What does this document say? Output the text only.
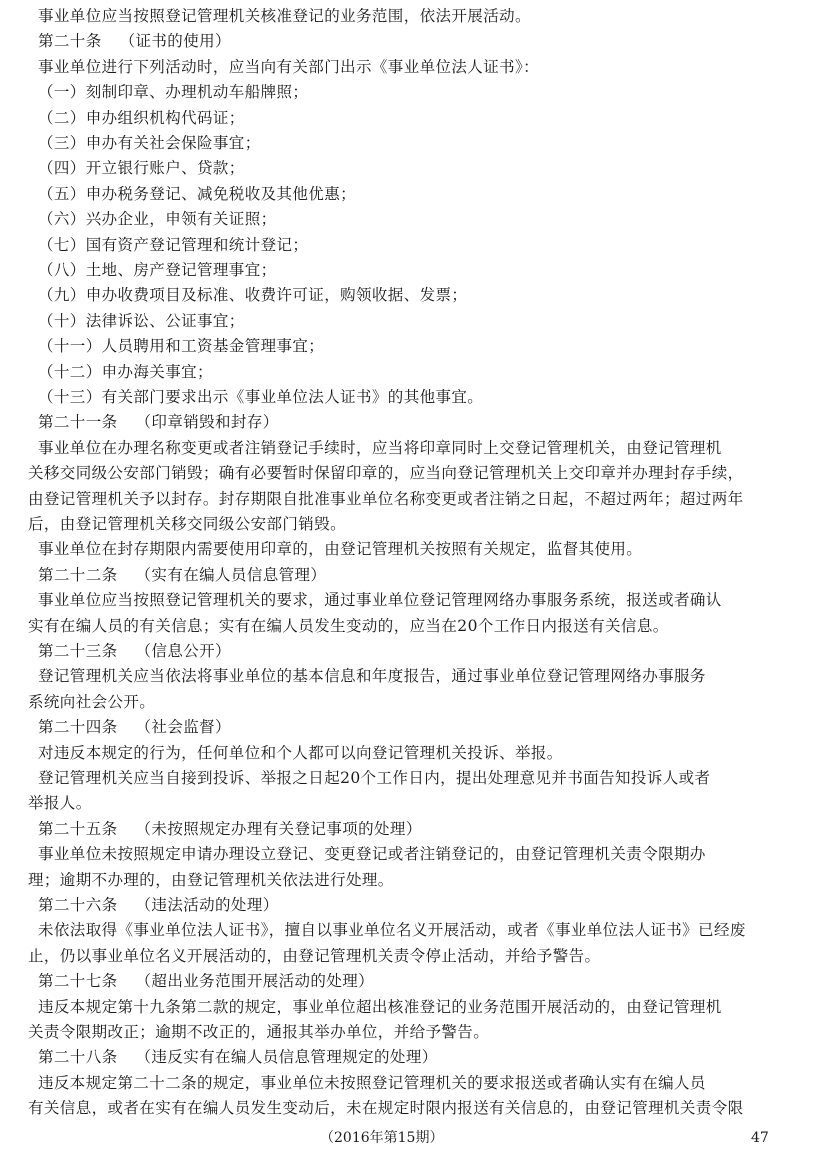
事业单位应当按照登记管理机关核准登记的业务范围，依法开展活动。
第二十条 （证书的使用）
事业单位进行下列活动时，应当向有关部门出示《事业单位法人证书》：
（一）刻制印章、办理机动车船牌照；
（二）申办组织机构代码证；
（三）申办有关社会保险事宜；
（四）开立银行账户、贷款；
（五）申办税务登记、减免税收及其他优惠；
（六）兴办企业，申领有关证照；
（七）国有资产登记管理和统计登记；
（八）土地、房产登记管理事宜；
（九）申办收费项目及标准、收费许可证，购领收据、发票；
（十）法律诉讼、公证事宜；
（十一）人员聘用和工资基金管理事宜；
（十二）申办海关事宜；
（十三）有关部门要求出示《事业单位法人证书》的其他事宜。
第二十一条 （印章销毁和封存）
事业单位在办理名称变更或者注销登记手续时，应当将印章同时上交登记管理机关，由登记管理机
关移交同级公安部门销毁；确有必要暂时保留印章的，应当向登记管理机关上交印章并办理封存手续，
由登记管理机关予以封存。封存期限自批准事业单位名称变更或者注销之日起，不超过两年；超过两年
后，由登记管理机关移交同级公安部门销毁。
事业单位在封存期限内需要使用印章的，由登记管理机关按照有关规定，监督其使用。
第二十二条 （实有在编人员信息管理）
事业单位应当按照登记管理机关的要求，通过事业单位登记管理网络办事服务系统，报送或者确认
实有在编人员的有关信息；实有在编人员发生变动的，应当在20个工作日内报送有关信息。
第二十三条 （信息公开）
登记管理机关应当依法将事业单位的基本信息和年度报告，通过事业单位登记管理网络办事服务
系统向社会公开。
第二十四条 （社会监督）
对违反本规定的行为，任何单位和个人都可以向登记管理机关投诉、举报。
登记管理机关应当自接到投诉、举报之日起20个工作日内，提出处理意见并书面告知投诉人或者
举报人。
第二十五条 （未按照规定办理有关登记事项的处理）
事业单位未按照规定申请办理设立登记、变更登记或者注销登记的，由登记管理机关责令限期办
理；逾期不办理的，由登记管理机关依法进行处理。
第二十六条 （违法活动的处理）
未依法取得《事业单位法人证书》，擅自以事业单位名义开展活动，或者《事业单位法人证书》已经废
止，仍以事业单位名义开展活动的，由登记管理机关责令停止活动，并给予警告。
第二十七条 （超出业务范围开展活动的处理）
违反本规定第十九条第二款的规定，事业单位超出核准登记的业务范围开展活动的，由登记管理机
关责令限期改正；逾期不改正的，通报其举办单位，并给予警告。
第二十八条 （违反实有在编人员信息管理规定的处理）
违反本规定第二十二条的规定，事业单位未按照登记管理机关的要求报送或者确认实有在编人员
有关信息，或者在实有在编人员发生变动后，未在规定时限内报送有关信息的，由登记管理机关责令限
（2016年第15期）	47
